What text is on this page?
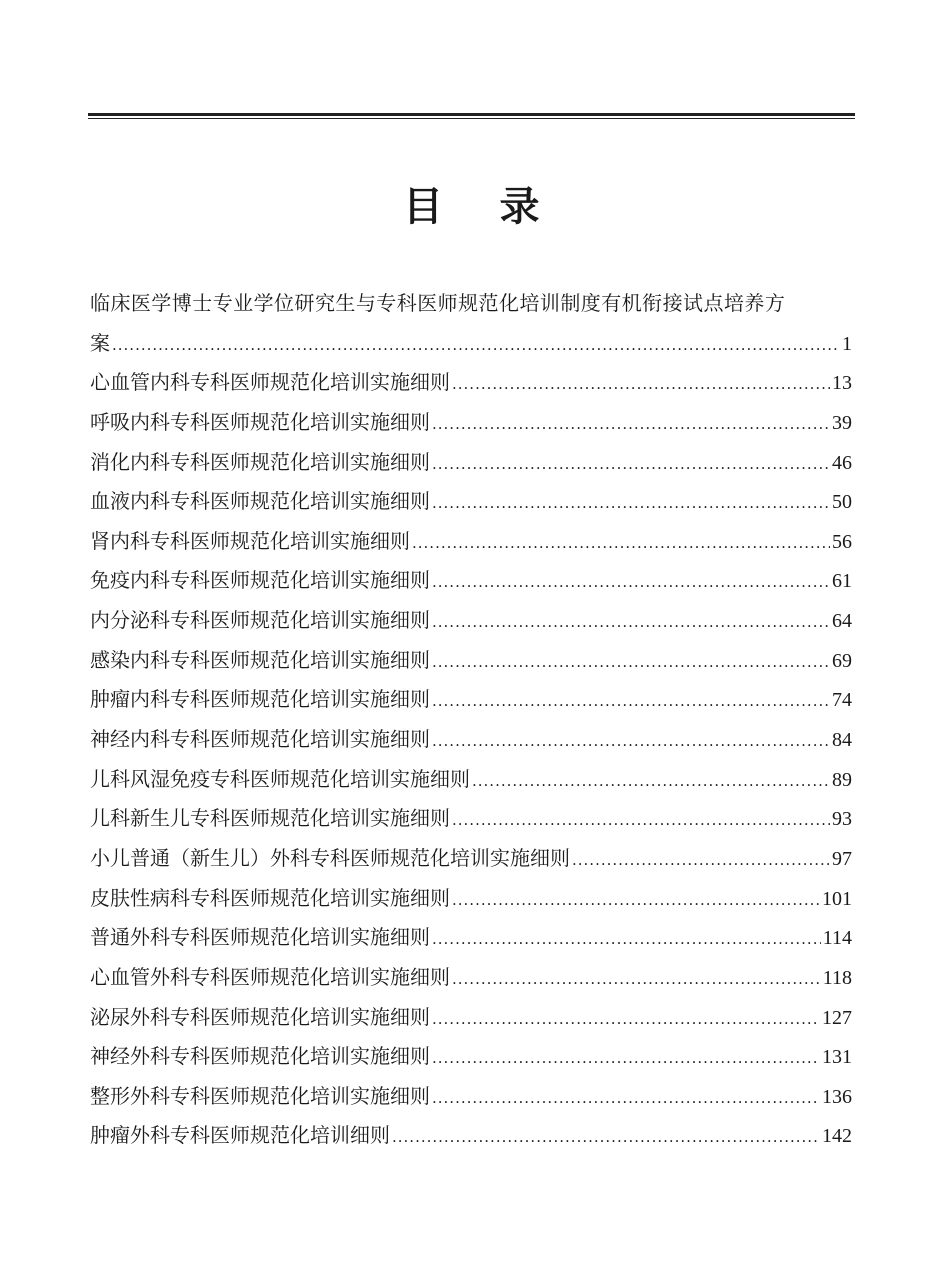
目 录
临床医学博士专业学位研究生与专科医师规范化培训制度有机衔接试点培养方
案 .....	1
心血管内科专科医师规范化培训实施细则 .....	13
呼吸内科专科医师规范化培训实施细则 .....	39
消化内科专科医师规范化培训实施细则 .....	46
血液内科专科医师规范化培训实施细则 .....	50
肾内科专科医师规范化培训实施细则 .....	56
免疫内科专科医师规范化培训实施细则 .....	61
内分泌科专科医师规范化培训实施细则 .....	64
感染内科专科医师规范化培训实施细则 .....	69
肿瘤内科专科医师规范化培训实施细则 .....	74
神经内科专科医师规范化培训实施细则 .....	84
儿科风湿免疫专科医师规范化培训实施细则 .....	89
儿科新生儿专科医师规范化培训实施细则 .....	93
小儿普通（新生儿）外科专科医师规范化培训实施细则 .....	97
皮肤性病科专科医师规范化培训实施细则 .....	101
普通外科专科医师规范化培训实施细则 .....	114
心血管外科专科医师规范化培训实施细则 .....	118
泌尿外科专科医师规范化培训实施细则 .....	127
神经外科专科医师规范化培训实施细则 .....	131
整形外科专科医师规范化培训实施细则 .....	136
肿瘤外科专科医师规范化培训细则 .....	142
